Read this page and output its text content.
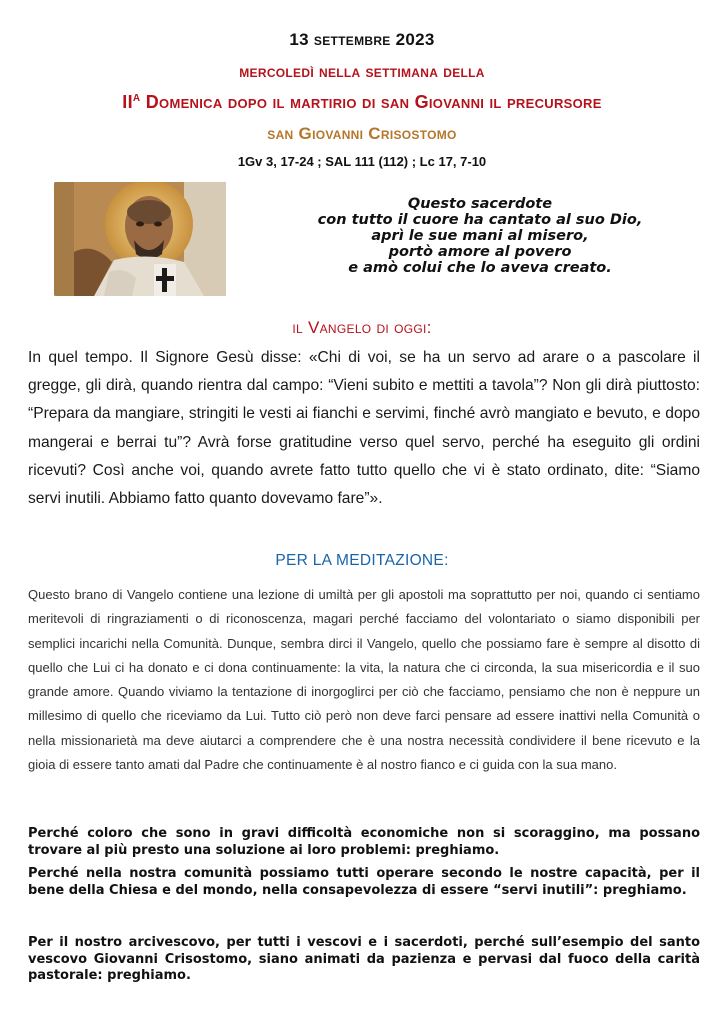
13 settembre 2023
mercoledì nella settimana della
$II^A$ Domenica dopo il martirio di san Giovanni il precursore
san Giovanni Crisostomo
1Gv 3, 17-24 ; SAL 111 (112) ; Lc 17, 7-10
Questo sacerdote
con tutto il cuore ha cantato al suo Dio,
aprì le sue mani al misero,
portò amore al povero
e amò colui che lo aveva creato.
il Vangelo di oggi:
In quel tempo. Il Signore Gesù disse: «Chi di voi, se ha un servo ad arare o a pascolare il gregge, gli dirà, quando rientra dal campo: “Vieni subito e mettiti a tavola”? Non gli dirà piuttosto: “Prepara da mangiare, stringiti le vesti ai fianchi e servimi, finché avrò mangiato e bevuto, e dopo mangerai e berrai tu”? Avrà forse gratitudine verso quel servo, perché ha eseguito gli ordini ricevuti? Così anche voi, quando avrete fatto tutto quello che vi è stato ordinato, dite: “Siamo servi inutili. Abbiamo fatto quanto dovevamo fare”».
PER LA MEDITAZIONE:
Questo brano di Vangelo contiene una lezione di umiltà per gli apostoli ma soprattutto per noi, quando ci sentiamo meritevoli di ringraziamenti o di riconoscenza, magari perché facciamo del volontariato o siamo disponibili per semplici incarichi nella Comunità. Dunque, sembra dirci il Vangelo, quello che possiamo fare è sempre al disotto di quello che Lui ci ha donato e ci dona continuamente: la vita, la natura che ci circonda, la sua misericordia e il suo grande amore. Quando viviamo la tentazione di inorgoglirci per ciò che facciamo, pensiamo che non è neppure un millesimo di quello che riceviamo da Lui. Tutto ciò però non deve farci pensare ad essere inattivi nella Comunità o nella missionarietà ma deve aiutarci a comprendere che è una nostra necessità condividere il bene ricevuto e la gioia di essere tanto amati dal Padre che continuamente è al nostro fianco e ci guida con la sua mano.
Perché coloro che sono in gravi difficoltà economiche non si scoraggino, ma possano trovare al più presto una soluzione ai loro problemi: preghiamo.
Perché nella nostra comunità possiamo tutti operare secondo le nostre capacità, per il bene della Chiesa e del mondo, nella consapevolezza di essere “servi inutili”: preghiamo.
Per il nostro arcivescovo, per tutti i vescovi e i sacerdoti, perché sull’esempio del santo vescovo Giovanni Crisostomo, siano animati da pazienza e pervasi dal fuoco della carità pastorale: preghiamo.
